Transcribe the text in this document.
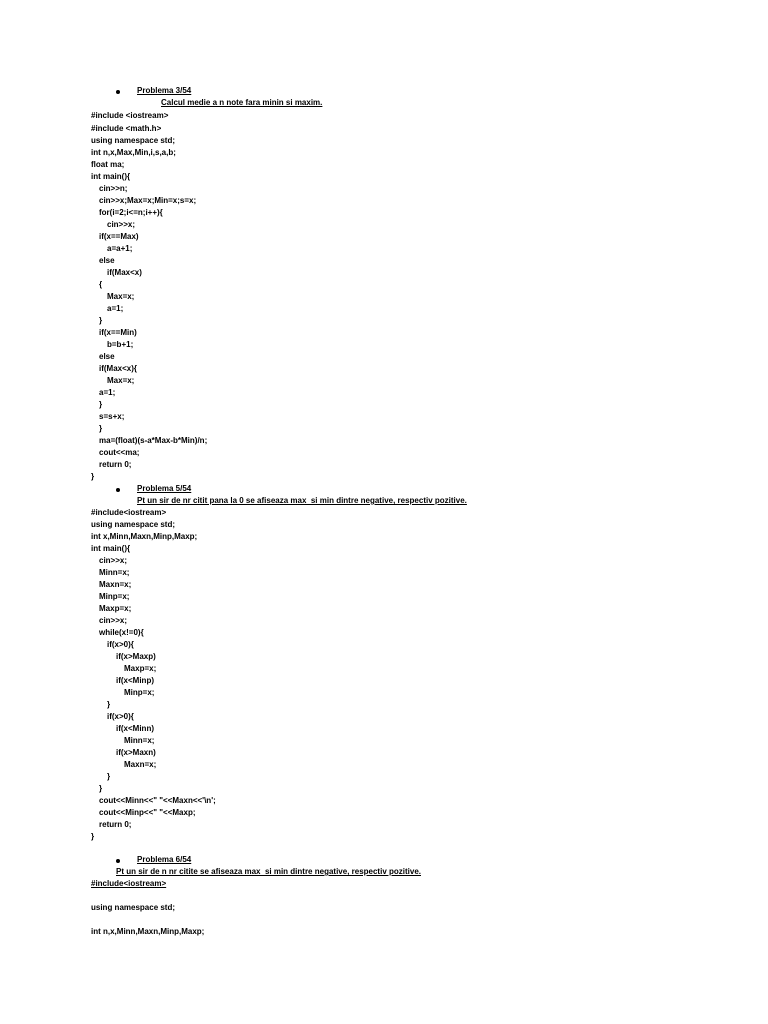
Problema 3/54
Calcul medie a n note fara minin si maxim.
#include <iostream>
#include <math.h>
using namespace std;
int n,x,Max,Min,i,s,a,b;
float ma;
int main(){
cin>>n;
cin>>x;Max=x;Min=x;s=x;
for(i=2;i<=n;i++){
cin>>x;
if(x==Max)
a=a+1;
else
if(Max<x)
{
Max=x;
a=1;
}
if(x==Min)
b=b+1;
else
if(Max<x){
Max=x;
a=1;
}
s=s+x;
}
ma=(float)(s-a*Max-b*Min)/n;
cout<<ma;
return 0;
}
Problema 5/54
Pt un sir de nr citit pana la 0 se afiseaza max  si min dintre negative, respectiv pozitive.
#include<iostream>
using namespace std;
int x,Minn,Maxn,Minp,Maxp;
int main(){
cin>>x;
Minn=x;
Maxn=x;
Minp=x;
Maxp=x;
cin>>x;
while(x!=0){
if(x>0){
if(x>Maxp)
Maxp=x;
if(x<Minp)
Minp=x;
}
if(x>0){
if(x<Minn)
Minn=x;
if(x>Maxn)
Maxn=x;
}
}
cout<<Minn<<" "<<Maxn<<'\n';
cout<<Minp<<" "<<Maxp;
return 0;
}
Problema 6/54
Pt un sir de n nr citite se afiseaza max  si min dintre negative, respectiv pozitive.
#include<iostream>
using namespace std;
int n,x,Minn,Maxn,Minp,Maxp;
